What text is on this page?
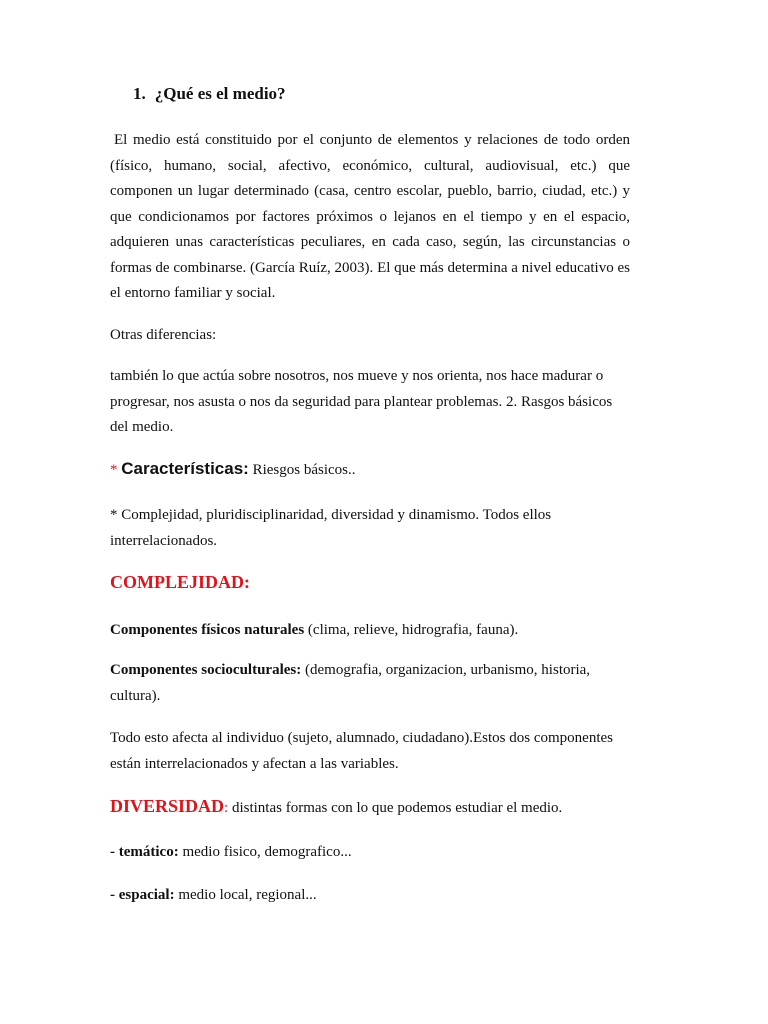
1. ¿Qué es el medio?

El medio está constituido por el conjunto de elementos y relaciones de todo orden (físico, humano, social, afectivo, económico, cultural, audiovisual, etc.) que componen un lugar determinado (casa, centro escolar, pueblo, barrio, ciudad, etc.) y que condicionamos por factores próximos o lejanos en el tiempo y en el espacio, adquieren unas características peculiares, en cada caso, según, las circunstancias o formas de combinarse. (García Ruíz, 2003). El que más determina a nivel educativo es el entorno familiar y social.

Otras diferencias:

también lo que actúa sobre nosotros, nos mueve y nos orienta, nos hace madurar o progresar, nos asusta o nos da seguridad para plantear problemas. 2. Rasgos básicos del medio.

* Características: Riesgos básicos..

* Complejidad, pluridisciplinaridad, diversidad y dinamismo. Todos ellos interrelacionados.

COMPLEJIDAD:

Componentes físicos naturales (clima, relieve, hidrografia, fauna).

Componentes socioculturales: (demografia, organizacion, urbanismo, historia, cultura).

Todo esto afecta al individuo (sujeto, alumnado, ciudadano).Estos dos componentes están interrelacionados y afectan a las variables.

DIVERSIDAD: distintas formas con lo que podemos estudiar el medio.

- temático: medio fisico, demografico...

- espacial: medio local, regional...
